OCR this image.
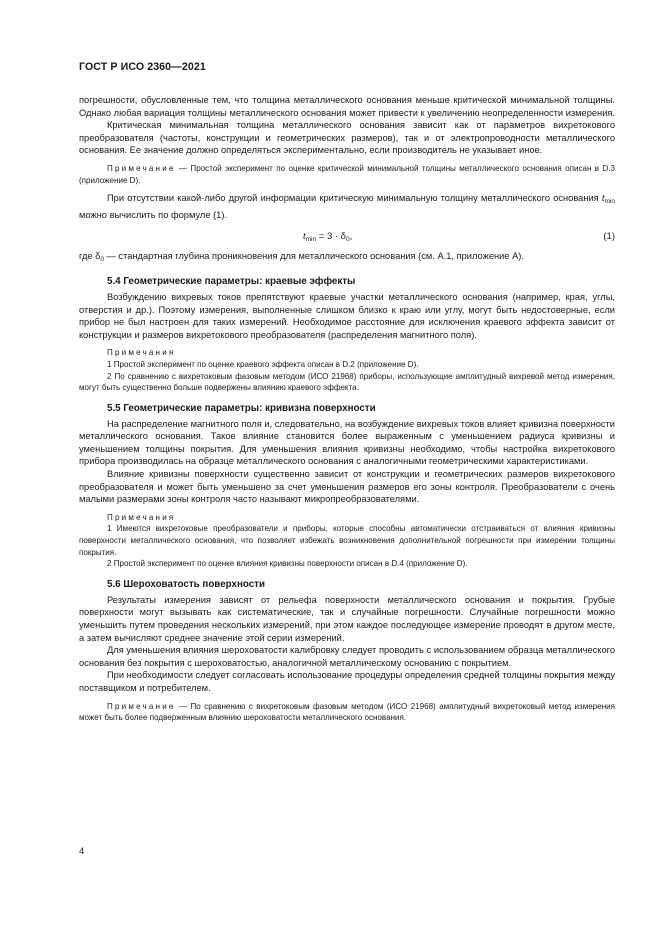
ГОСТ Р ИСО 2360—2021

погрешности, обусловленные тем, что толщина металлического основания меньше критической минимальной толщины. Однако любая вариация толщины металлического основания может привести к увеличению неопределенности измерения.

Критическая минимальная толщина металлического основания зависит как от параметров вихретокового преобразователя (частоты, конструкции и геометрических размеров), так и от электропроводности металлического основания. Ее значение должно определяться экспериментально, если производитель не указывает иное.

Примечание — Простой эксперимент по оценке критической минимальной толщины металлического основания описан в D.3 (приложение D).

При отсутствии какой-либо другой информации критическую минимальную толщину металлического основания $t_{min}$ можно вычислить по формуле (1).

$t_{min} = 3 \cdot \delta_0$,	(1)

где $\delta_0$ — стандартная глубина проникновения для металлического основания (см. А.1, приложение А).

5.4 Геометрические параметры: краевые эффекты

Возбуждению вихревых токов препятствуют краевые участки металлического основания (например, края, углы, отверстия и др.). Поэтому измерения, выполненные слишком близко к краю или углу, могут быть недостоверные, если прибор не был настроен для таких измерений. Необходимое расстояние для исключения краевого эффекта зависит от конструкции и размеров вихретокового преобразователя (распределения магнитного поля).

Примечания

1 Простой эксперимент по оценке краевого эффекта описан в D.2 (приложение D).

2 По сравнению с вихретоковым фазовым методом (ИСО 21968) приборы, использующие амплитудный вихревой метод измерения, могут быть существенно больше подвержены влиянию краевого эффекта.

5.5 Геометрические параметры: кривизна поверхности

На распределение магнитного поля и, следовательно, на возбуждение вихревых токов влияет кривизна поверхности металлического основания. Такое влияние становится более выраженным с уменьшением радиуса кривизны и уменьшением толщины покрытия. Для уменьшения влияния кривизны необходимо, чтобы настройка вихретокового прибора производилась на образце металлического основания с аналогичными геометрическими характеристиками.

Влияние кривизны поверхности существенно зависит от конструкции и геометрических размеров вихретокового преобразователя и может быть уменьшено за счет уменьшения размеров его зоны контроля. Преобразователи с очень малыми размерами зоны контроля часто называют микропреобразователями.

Примечания

1 Имеются вихретоковые преобразователи и приборы, которые способны автоматически отстраиваться от влияния кривизны поверхности металлического основания, что позволяет избежать возникновения дополнительной погрешности при измерении толщины покрытия.

2 Простой эксперимент по оценке влияния кривизны поверхности описан в D.4 (приложение D).

5.6 Шероховатость поверхности

Результаты измерения зависят от рельефа поверхности металлического основания и покрытия. Грубые поверхности могут вызывать как систематические, так и случайные погрешности. Случайные погрешности можно уменьшить путем проведения нескольких измерений, при этом каждое последующее измерение проводят в другом месте, а затем вычисляют среднее значение этой серии измерений.

Для уменьшения влияния шероховатости калибровку следует проводить с использованием образца металлического основания без покрытия с шероховатостью, аналогичной металлическому основанию с покрытием.

При необходимости следует согласовать использование процедуры определения средней толщины покрытия между поставщиком и потребителем.

Примечание — По сравнению с вихретоковым фазовым методом (ИСО 21968) амплитудный вихретоковый метод измерения может быть более подверженным влиянию шероховатости металлического основания.

4
